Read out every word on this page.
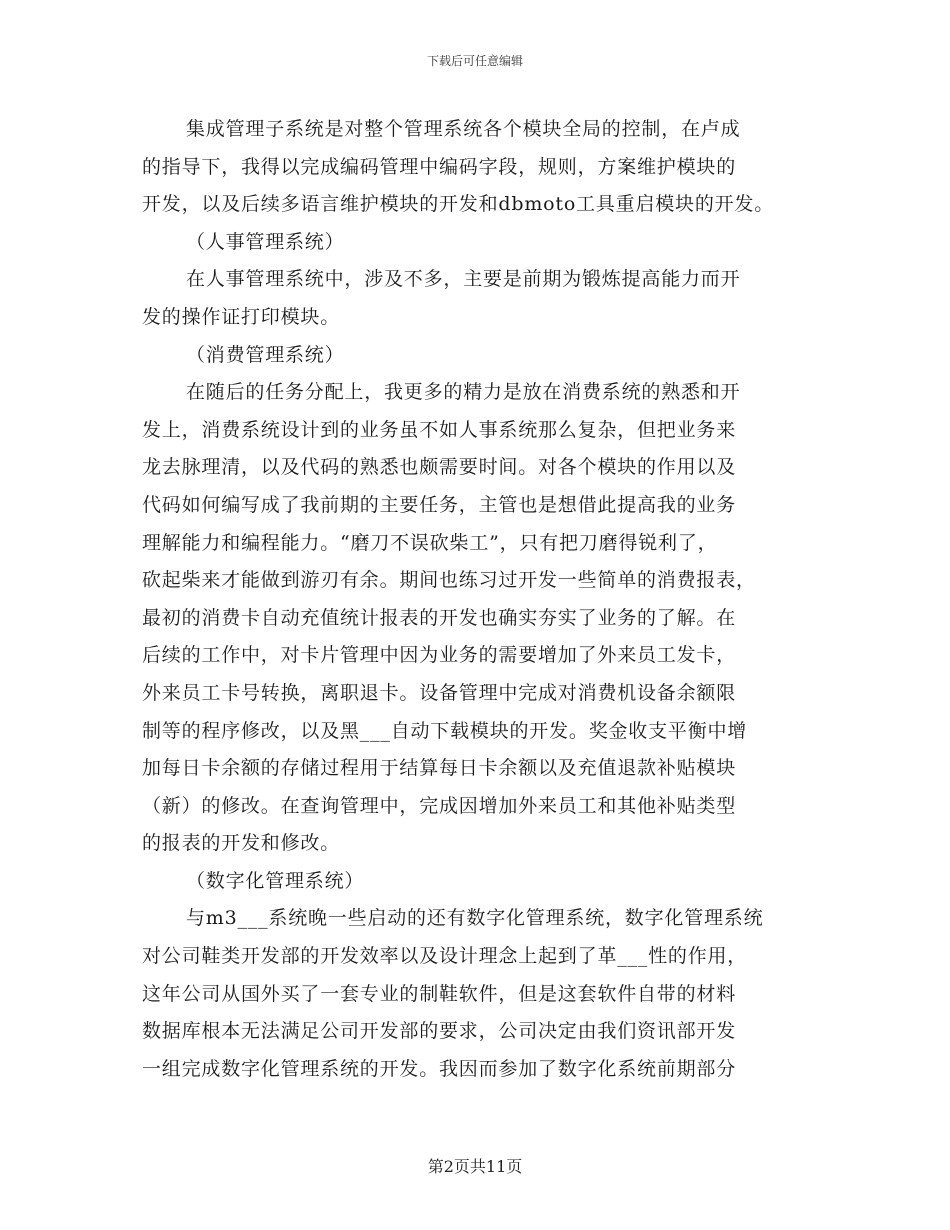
下载后可任意编辑
集成管理子系统是对整个管理系统各个模块全局的控制，在卢成
的指导下，我得以完成编码管理中编码字段，规则，方案维护模块的
开发，以及后续多语言维护模块的开发和dbmoto工具重启模块的开发。
（人事管理系统）
在人事管理系统中，涉及不多，主要是前期为锻炼提高能力而开
发的操作证打印模块。
（消费管理系统）
在随后的任务分配上，我更多的精力是放在消费系统的熟悉和开
发上，消费系统设计到的业务虽不如人事系统那么复杂，但把业务来
龙去脉理清，以及代码的熟悉也颇需要时间。对各个模块的作用以及
代码如何编写成了我前期的主要任务，主管也是想借此提高我的业务
理解能力和编程能力。“磨刀不误砍柴工”，只有把刀磨得锐利了，
砍起柴来才能做到游刃有余。期间也练习过开发一些简单的消费报表，
最初的消费卡自动充值统计报表的开发也确实夯实了业务的了解。在
后续的工作中，对卡片管理中因为业务的需要增加了外来员工发卡，
外来员工卡号转换，离职退卡。设备管理中完成对消费机设备余额限
制等的程序修改，以及黑___自动下载模块的开发。奖金收支平衡中增
加每日卡余额的存储过程用于结算每日卡余额以及充值退款补贴模块
（新）的修改。在查询管理中，完成因增加外来员工和其他补贴类型
的报表的开发和修改。
（数字化管理系统）
与m3___系统晚一些启动的还有数字化管理系统，数字化管理系统
对公司鞋类开发部的开发效率以及设计理念上起到了革___性的作用，
这年公司从国外买了一套专业的制鞋软件，但是这套软件自带的材料
数据库根本无法满足公司开发部的要求，公司决定由我们资讯部开发
一组完成数字化管理系统的开发。我因而参加了数字化系统前期部分
第2页共11页
